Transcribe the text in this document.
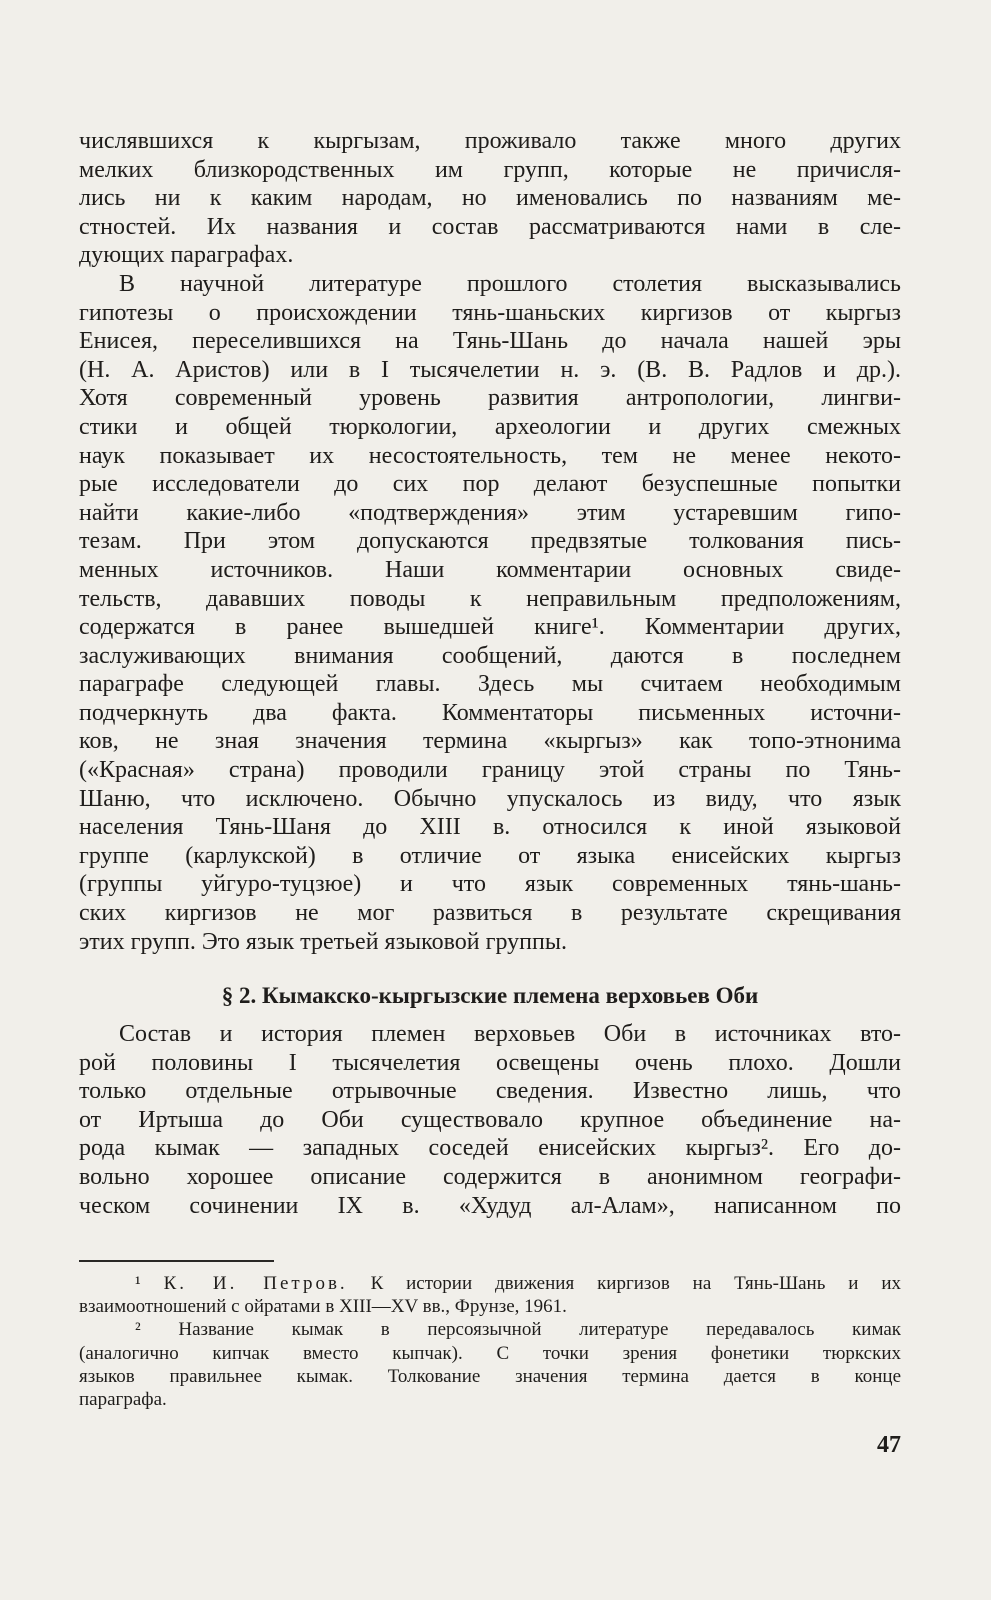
числявшихся к кыргызам, проживало также много других
мелких близкородственных им групп, которые не причисля-
лись ни к каким народам, но именовались по названиям ме-
стностей. Их названия и состав рассматриваются нами в сле-
дующих параграфах.
В научной литературе прошлого столетия высказывались
гипотезы о происхождении тянь-шаньских киргизов от кыргыз
Енисея, переселившихся на Тянь-Шань до начала нашей эры
(Н. А. Аристов) или в I тысячелетии н. э. (В. В. Радлов и др.).
Хотя современный уровень развития антропологии, лингви-
стики и общей тюркологии, археологии и других смежных
наук показывает их несостоятельность, тем не менее некото-
рые исследователи до сих пор делают безуспешные попытки
найти какие-либо «подтверждения» этим устаревшим гипо-
тезам. При этом допускаются предвзятые толкования пись-
менных источников. Наши комментарии основных свиде-
тельств, дававших поводы к неправильным предположениям,
содержатся в ранее вышедшей книге¹. Комментарии других,
заслуживающих внимания сообщений, даются в последнем
параграфе следующей главы. Здесь мы считаем необходимым
подчеркнуть два факта. Комментаторы письменных источни-
ков, не зная значения термина «кыргыз» как топо-этнонима
(«Красная» страна) проводили границу этой страны по Тянь-
Шаню, что исключено. Обычно упускалось из виду, что язык
населения Тянь-Шаня до XIII в. относился к иной языковой
группе (карлукской) в отличие от языка енисейских кыргыз
(группы уйгуро-туцзюе) и что язык современных тянь-шань-
ских киргизов не мог развиться в результате скрещивания
этих групп. Это язык третьей языковой группы.
§ 2. Кымакско-кыргызские племена верховьев Оби
Состав и история племен верховьев Оби в источниках вто-
рой половины I тысячелетия освещены очень плохо. Дошли
только отдельные отрывочные сведения. Известно лишь, что
от Иртыша до Оби существовало крупное объединение на-
рода кымак — западных соседей енисейских кыргыз². Его до-
вольно хорошее описание содержится в анонимном географи-
ческом сочинении IX в. «Худуд ал-Алам», написанном по
¹ К. И. Петров. К истории движения киргизов на Тянь-Шань и их
взаимоотношений с ойратами в XIII—XV вв., Фрунзе, 1961.
² Название кымак в персоязычной литературе передавалось кимак
(аналогично кипчак вместо кыпчак). С точки зрения фонетики тюркских
языков правильнее кымак. Толкование значения термина дается в конце
параграфа.
47
